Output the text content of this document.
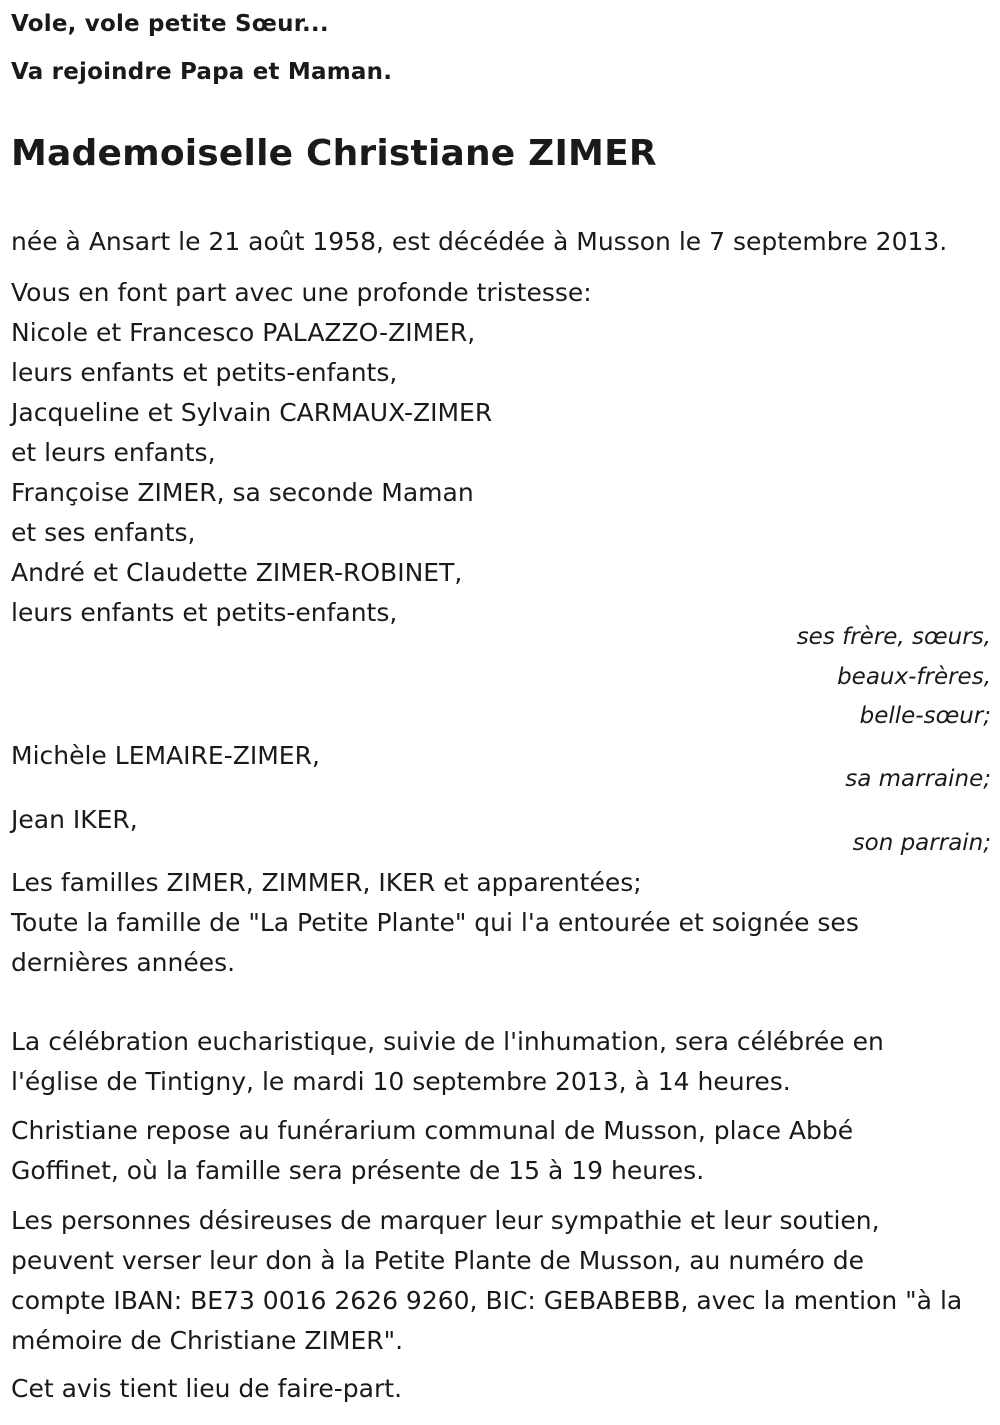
Vole, vole petite Sœur...

Va rejoindre Papa et Maman.

Mademoiselle Christiane ZIMER

née à Ansart le 21 août 1958, est décédée à Musson le 7 septembre 2013.

Vous en font part avec une profonde tristesse:

Nicole et Francesco PALAZZO-ZIMER,
leurs enfants et petits-enfants,
Jacqueline et Sylvain CARMAUX-ZIMER
et leurs enfants,
Françoise ZIMER, sa seconde Maman
et ses enfants,
André et Claudette ZIMER-ROBINET,
leurs enfants et petits-enfants,

ses frère, sœurs,

beaux-frères,

belle-sœur;

Michèle LEMAIRE-ZIMER,

sa marraine;

Jean IKER,

son parrain;

Les familles ZIMER, ZIMMER, IKER et apparentées;

Toute la famille de "La Petite Plante" qui l'a entourée et soignée ses
dernières années.
La célébration eucharistique, suivie de l'inhumation, sera célébrée en
l'église de Tintigny, le mardi 10 septembre 2013, à 14 heures.
Christiane repose au funérarium communal de Musson, place Abbé
Goffinet, où la famille sera présente de 15 à 19 heures.
Les personnes désireuses de marquer leur sympathie et leur soutien,
peuvent verser leur don à la Petite Plante de Musson, au numéro de
compte IBAN: BE73 0016 2626 9260, BIC: GEBABEBB, avec la mention "à la
mémoire de Christiane ZIMER".

Cet avis tient lieu de faire-part.
